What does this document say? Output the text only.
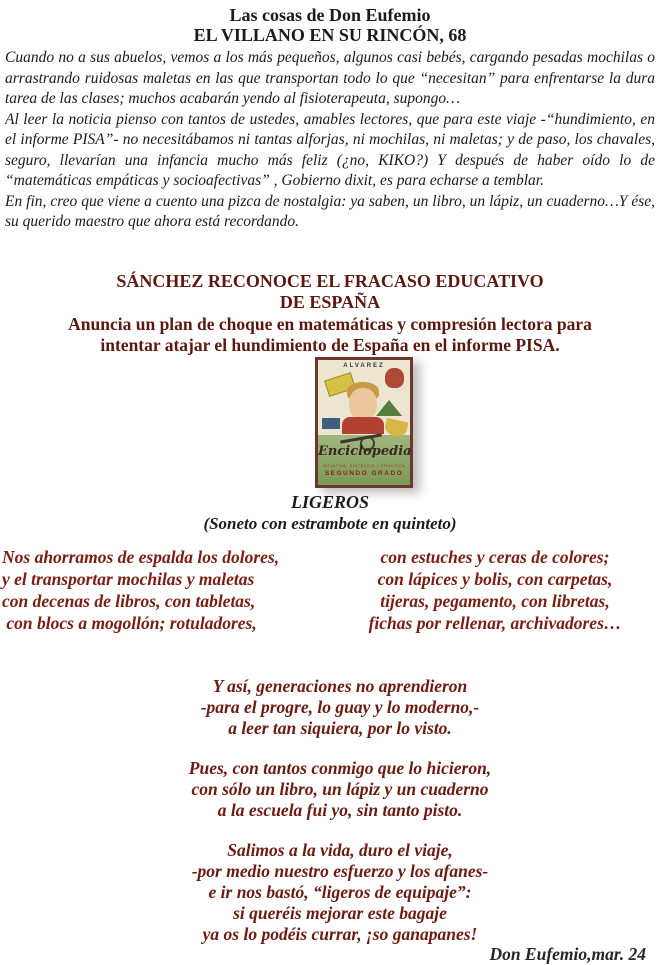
Las cosas de Don Eufemio
EL VILLANO EN SU RINCÓN, 68

Cuando no a sus abuelos, vemos a los más pequeños, algunos casi bebés, cargando pesadas mochilas o arrastrando ruidosas maletas en las que transportan todo lo que “necesitan” para enfrentarse la dura tarea de las clases; muchos acabarán yendo al fisioterapeuta, supongo…

Al leer la noticia pienso con tantos de ustedes, amables lectores, que para este viaje -“hundimiento, en el informe PISA”- no necesitábamos ni tantas alforjas, ni mochilas, ni maletas; y de paso, los chavales, seguro, llevarían una infancia mucho más feliz (¿no, KIKO?) Y después de haber oído lo de “matemáticas empáticas y socioafectivas” , Gobierno dixit, es para echarse a temblar.

En fin, creo que viene a cuento una pizca de nostalgia: ya saben, un libro, un lápiz, un cuaderno…Y ése, su querido maestro que ahora está recordando.

SÁNCHEZ RECONOCE EL FRACASO EDUCATIVO
DE ESPAÑA
Anuncia un plan de choque en matemáticas y compresión lectora para
intentar atajar el hundimiento de España en el informe PISA.
ALVAREZ
Enciclopedia
INTUITIVA, SINTÉTICA Y PRÁCTICA
SEGUNDO GRADO
LIGEROS
(Soneto con estrambote en quinteto)
Nos ahorramos de espalda los dolores,
y el transportar mochilas y maletas
con decenas de libros, con tabletas,
con blocs a mogollón; rotuladores,
con estuches y ceras de colores;
con lápices y bolis, con carpetas,
tijeras, pegamento, con libretas,
fichas por rellenar, archivadores…
Y así, generaciones no aprendieron
-para el progre, lo guay y lo moderno,-
a leer tan siquiera, por lo visto.
Pues, con tantos conmigo que lo hicieron,
con sólo un libro, un lápiz y un cuaderno
a la escuela fui yo, sin tanto pisto.
Salimos a la vida, duro el viaje,
-por medio nuestro esfuerzo y los afanes-
e ir nos bastó, “ligeros de equipaje”:
si queréis mejorar este bagaje
ya os lo podéis currar, ¡so ganapanes!
Don Eufemio,mar. 24
